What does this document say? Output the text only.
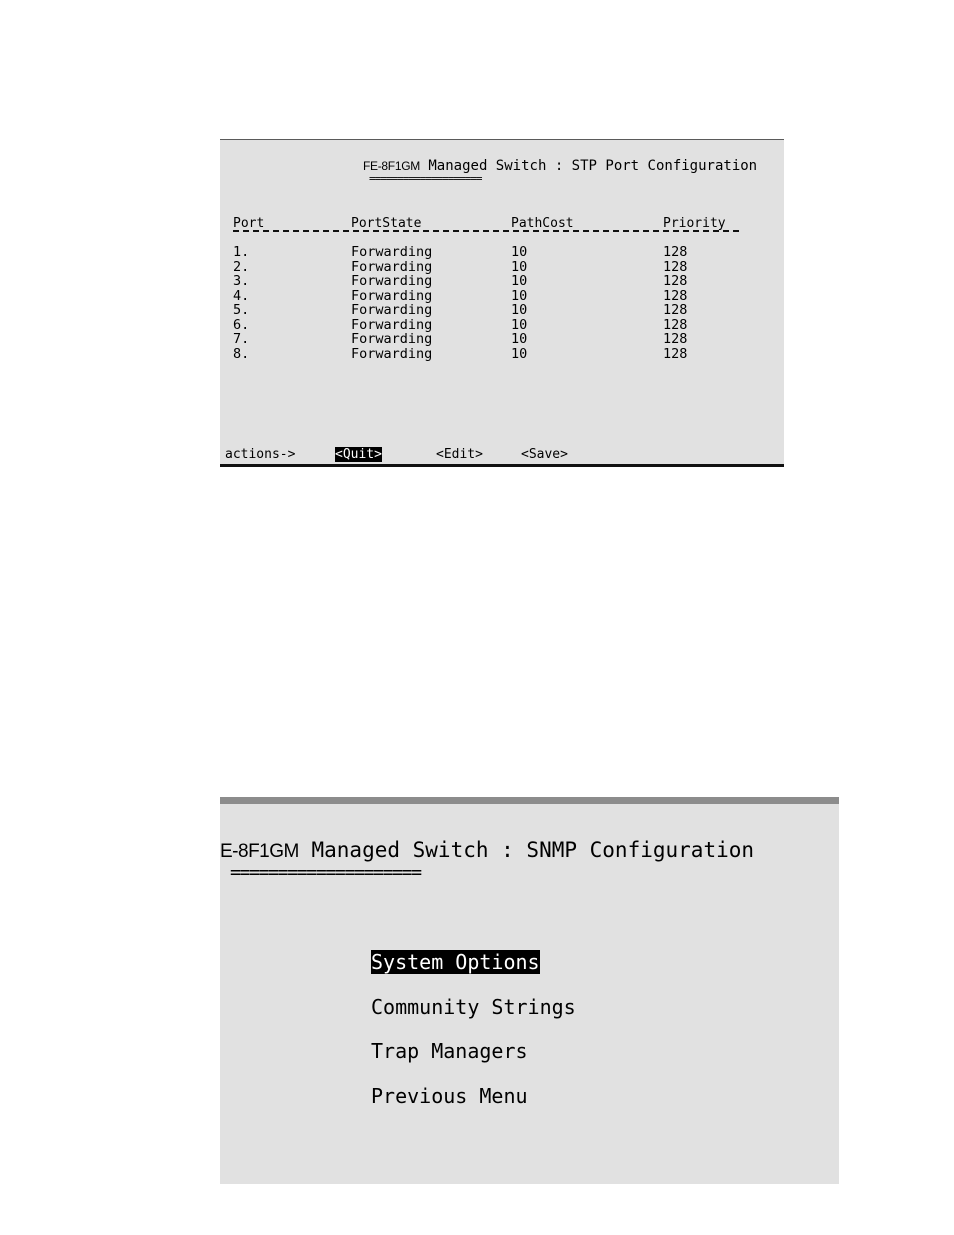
FE-8F1GM Managed Switch : STP Port Configuration
====================
Port	PortState	PathCost	Priority
1.	Forwarding	10	128
2.	Forwarding	10	128
3.	Forwarding	10	128
4.	Forwarding	10	128
5.	Forwarding	10	128
6.	Forwarding	10	128
7.	Forwarding	10	128
8.	Forwarding	10	128
actions->	<Quit>	<Edit>	<Save>
E-8F1GM Managed Switch : SNMP Configuration
====================
System Options
Community Strings
Trap Managers
Previous Menu
